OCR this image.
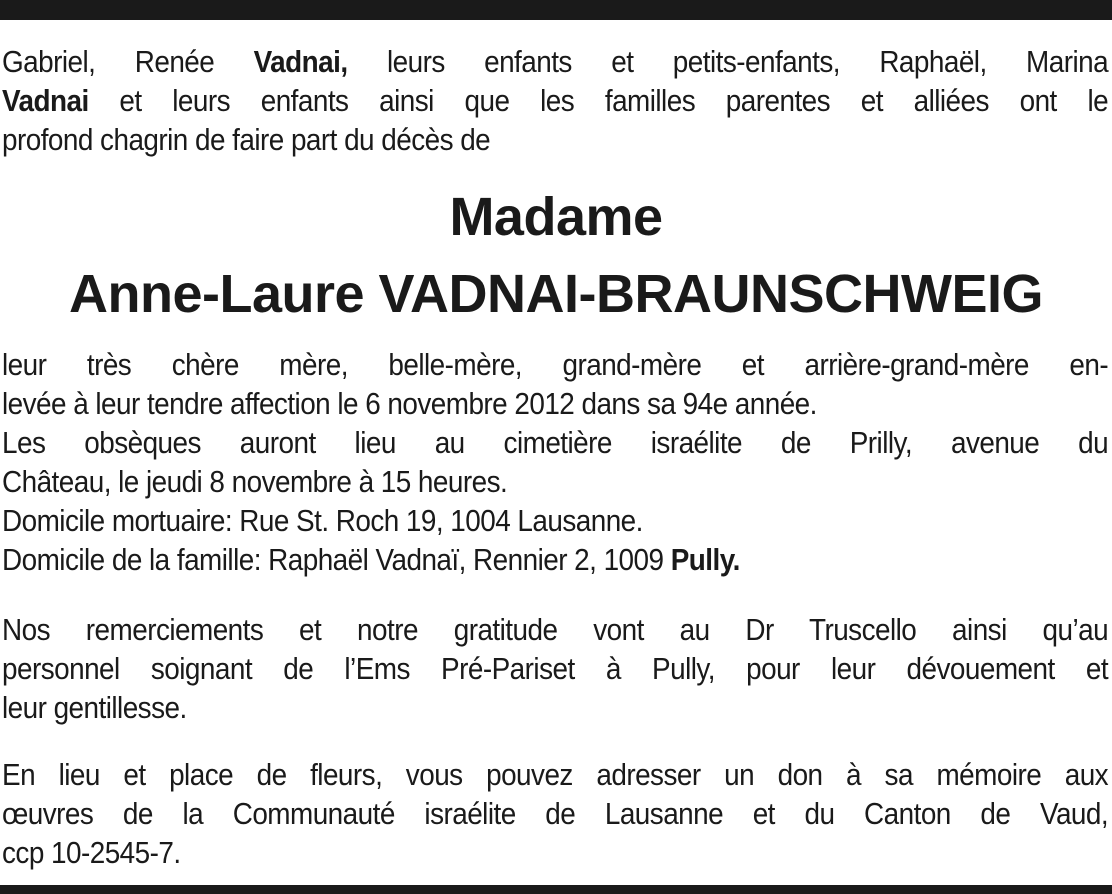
Gabriel, Renée Vadnai, leurs enfants et petits-enfants, Raphaël, Marina
Vadnai et leurs enfants ainsi que les familles parentes et alliées ont le
profond chagrin de faire part du décès de
Madame
Anne-Laure VADNAI-BRAUNSCHWEIG
leur très chère mère, belle-mère, grand-mère et arrière-grand-mère en-
levée à leur tendre affection le 6 novembre 2012 dans sa 94e année.
Les obsèques auront lieu au cimetière israélite de Prilly, avenue du
Château, le jeudi 8 novembre à 15 heures.
Domicile mortuaire: Rue St. Roch 19, 1004 Lausanne.
Domicile de la famille: Raphaël Vadnaï, Rennier 2, 1009 Pully.
Nos remerciements et notre gratitude vont au Dr Truscello ainsi qu’au
personnel soignant de l’Ems Pré-Pariset à Pully, pour leur dévouement et
leur gentillesse.
En lieu et place de fleurs, vous pouvez adresser un don à sa mémoire aux
œuvres de la Communauté israélite de Lausanne et du Canton de Vaud,
ccp 10-2545-7.
